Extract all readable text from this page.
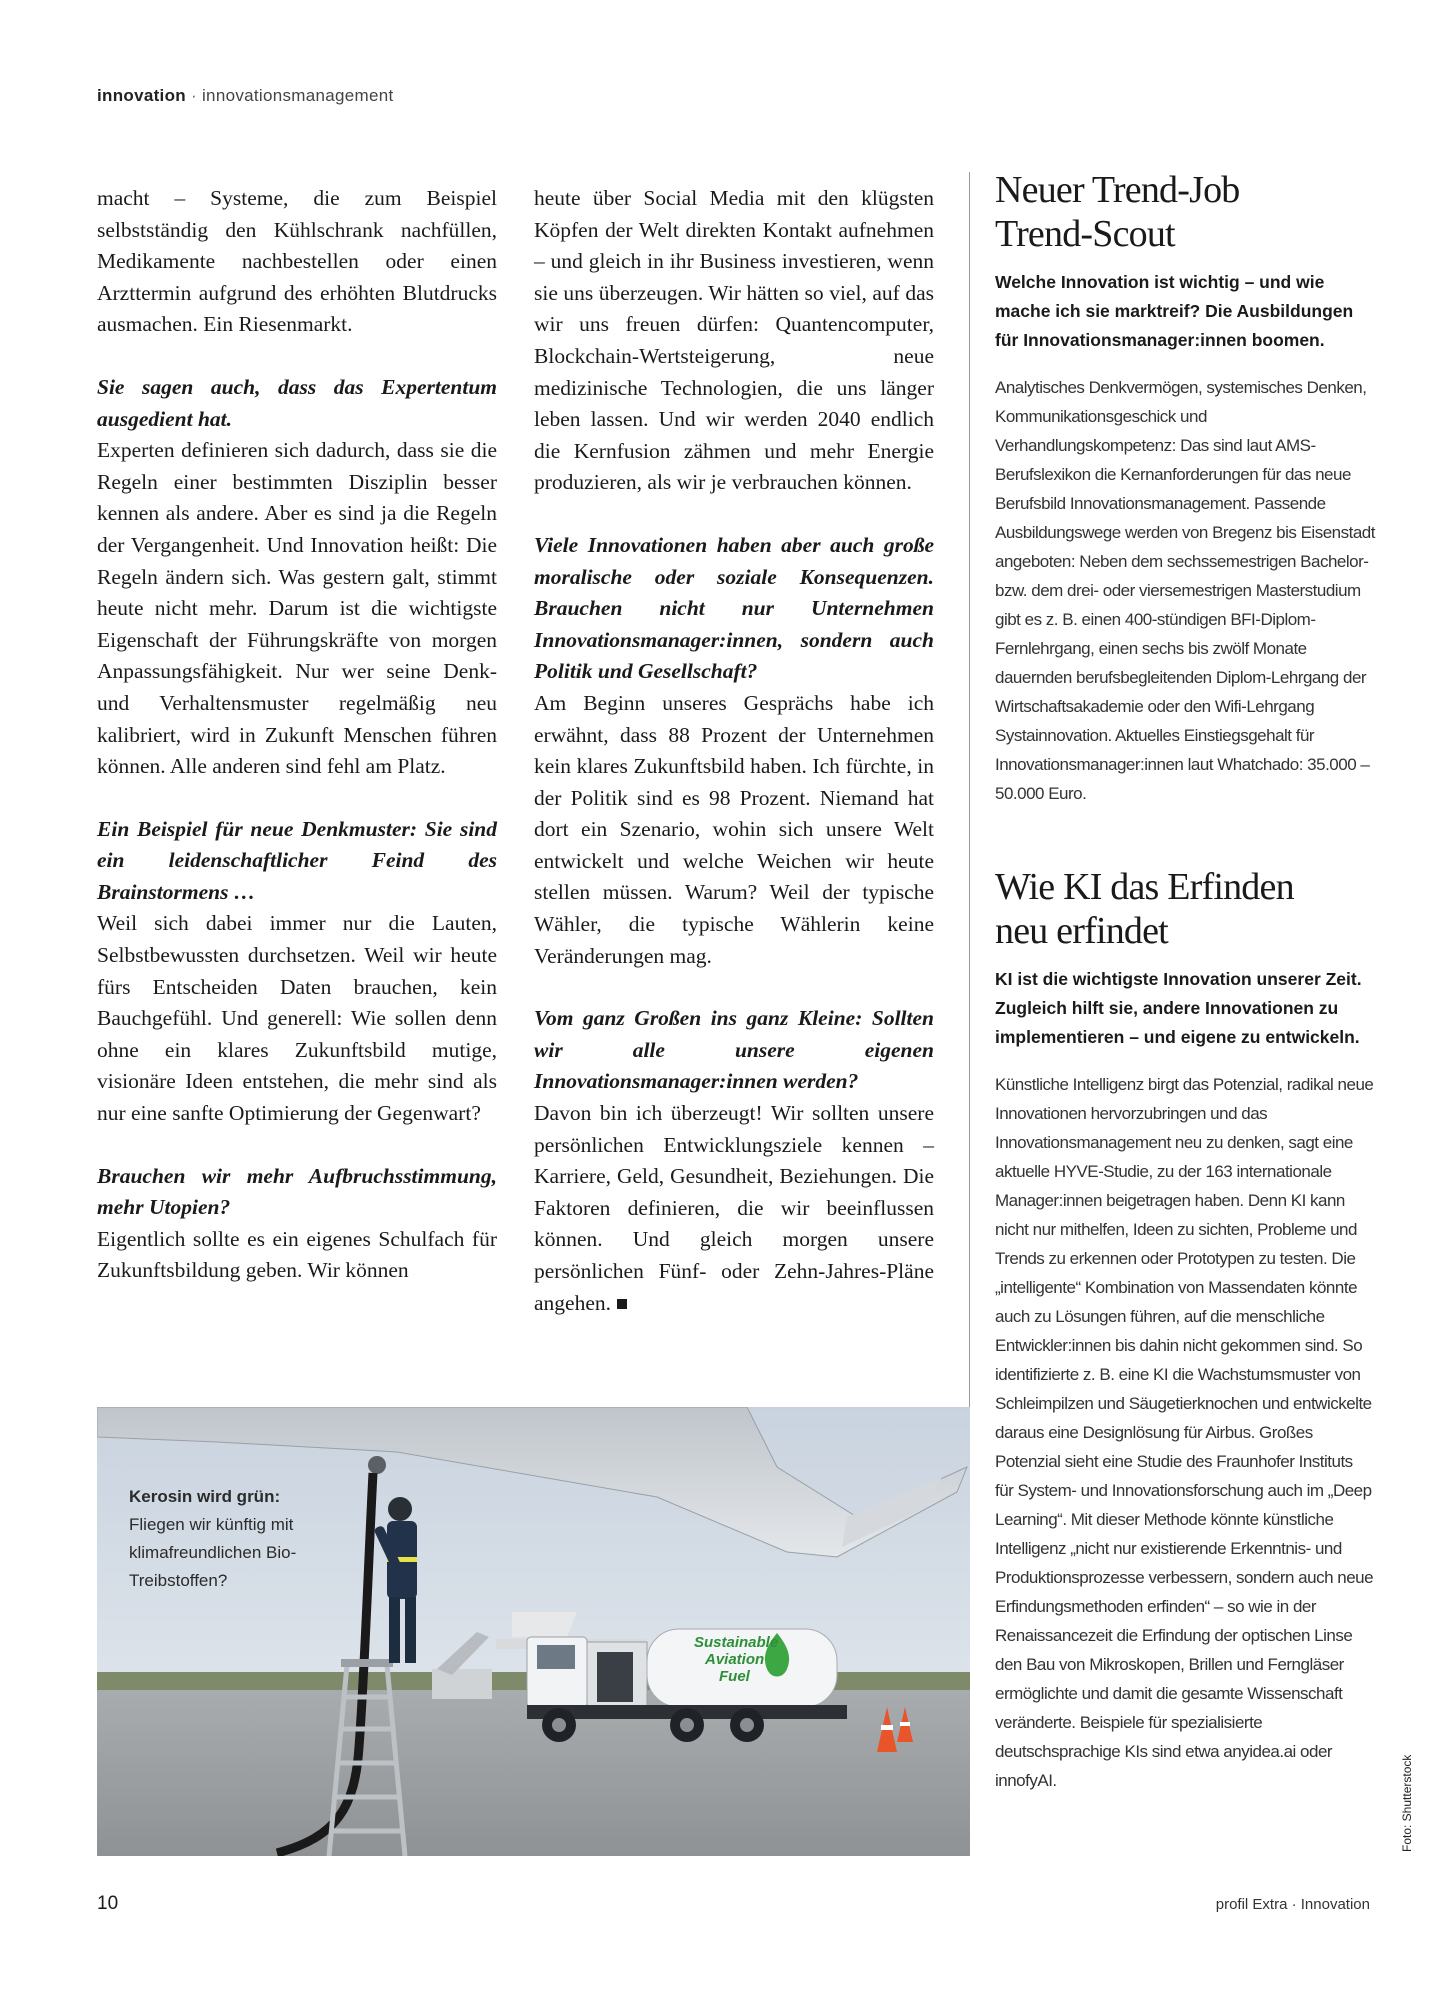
innovation · innovationsmanagement

macht – Systeme, die zum Beispiel selbstständig den Kühlschrank nachfüllen, Medikamente nachbestellen oder einen Arzttermin aufgrund des erhöhten Blutdrucks ausmachen. Ein Riesenmarkt.

Sie sagen auch, dass das Expertentum ausgedient hat.

Experten definieren sich dadurch, dass sie die Regeln einer bestimmten Disziplin besser kennen als andere. Aber es sind ja die Regeln der Vergangenheit. Und Innovation heißt: Die Regeln ändern sich. Was gestern galt, stimmt heute nicht mehr. Darum ist die wichtigste Eigenschaft der Führungskräfte von morgen Anpassungsfähigkeit. Nur wer seine Denk- und Verhaltensmuster regelmäßig neu kalibriert, wird in Zukunft Menschen führen können. Alle anderen sind fehl am Platz.

Ein Beispiel für neue Denkmuster: Sie sind ein leidenschaftlicher Feind des Brainstormens …

Weil sich dabei immer nur die Lauten, Selbstbewussten durchsetzen. Weil wir heute fürs Entscheiden Daten brauchen, kein Bauchgefühl. Und generell: Wie sollen denn ohne ein klares Zukunftsbild mutige, visionäre Ideen entstehen, die mehr sind als nur eine sanfte Optimierung der Gegenwart?

Brauchen wir mehr Aufbruchsstimmung, mehr Utopien?

Eigentlich sollte es ein eigenes Schulfach für Zukunftsbildung geben. Wir können

heute über Social Media mit den klügsten Köpfen der Welt direkten Kontakt aufnehmen – und gleich in ihr Business investieren, wenn sie uns überzeugen. Wir hätten so viel, auf das wir uns freuen dürfen: Quantencomputer, Blockchain-Wertsteigerung, neue medizinische Technologien, die uns länger leben lassen. Und wir werden 2040 endlich die Kernfusion zähmen und mehr Energie produzieren, als wir je verbrauchen können.

Viele Innovationen haben aber auch große moralische oder soziale Konsequenzen. Brauchen nicht nur Unternehmen Innovationsmanager:innen, sondern auch Politik und Gesellschaft?

Am Beginn unseres Gesprächs habe ich erwähnt, dass 88 Prozent der Unternehmen kein klares Zukunftsbild haben. Ich fürchte, in der Politik sind es 98 Prozent. Niemand hat dort ein Szenario, wohin sich unsere Welt entwickelt und welche Weichen wir heute stellen müssen. Warum? Weil der typische Wähler, die typische Wählerin keine Veränderungen mag.

Vom ganz Großen ins ganz Kleine: Sollten wir alle unsere eigenen Innovationsmanager:innen werden?

Davon bin ich überzeugt! Wir sollten unsere persönlichen Entwicklungsziele kennen – Karriere, Geld, Gesundheit, Beziehungen. Die Faktoren definieren, die wir beeinflussen können. Und gleich morgen unsere persönlichen Fünf- oder Zehn-Jahres-Pläne angehen.

Neuer Trend-Job
Trend-Scout

Welche Innovation ist wichtig – und wie mache ich sie marktreif? Die Ausbildungen für Innovationsmanager:innen boomen.

Analytisches Denkvermögen, systemisches Denken, Kommunikationsgeschick und Verhandlungskompetenz: Das sind laut AMS-Berufslexikon die Kernanforderungen für das neue Berufsbild Innovationsmanagement. Passende Ausbildungswege werden von Bregenz bis Eisenstadt angeboten: Neben dem sechssemestrigen Bachelor- bzw. dem drei- oder viersemestrigen Masterstudium gibt es z. B. einen 400-stündigen BFI-Diplom-Fernlehrgang, einen sechs bis zwölf Monate dauernden berufsbegleitenden Diplom-Lehrgang der Wirtschaftsakademie oder den Wifi-Lehrgang Systainnovation. Aktuelles Einstiegsgehalt für Innovationsmanager:innen laut Whatchado: 35.000 – 50.000 Euro.

Wie KI das Erfinden
neu erfindet

KI ist die wichtigste Innovation unserer Zeit. Zugleich hilft sie, andere Innovationen zu implementieren – und eigene zu entwickeln.

Künstliche Intelligenz birgt das Potenzial, radikal neue Innovationen hervorzubringen und das Innovationsmanagement neu zu denken, sagt eine aktuelle HYVE-Studie, zu der 163 internationale Manager:innen beigetragen haben. Denn KI kann nicht nur mithelfen, Ideen zu sichten, Probleme und Trends zu erkennen oder Prototypen zu testen. Die „intelligente“ Kombination von Massendaten könnte auch zu Lösungen führen, auf die menschliche Entwickler:innen bis dahin nicht gekommen sind. So identifizierte z. B. eine KI die Wachstumsmuster von Schleimpilzen und Säugetierknochen und entwickelte daraus eine Designlösung für Airbus. Großes Potenzial sieht eine Studie des Fraunhofer Instituts für System- und Innovationsforschung auch im „Deep Learning“. Mit dieser Methode könnte künstliche Intelligenz „nicht nur existierende Erkenntnis- und Produktionsprozesse verbessern, sondern auch neue Erfindungsmethoden erfinden“ – so wie in der Renaissancezeit die Erfindung der optischen Linse den Bau von Mikroskopen, Brillen und Ferngläser ermöglichte und damit die gesamte Wissenschaft veränderte. Beispiele für spezialisierte deutschsprachige KIs sind etwa anyidea.ai oder innofyAI.

Sustainable
Aviation
Fuel
Kerosin wird grün:
Fliegen wir künftig mit klimafreundlichen Bio-Treibstoffen?
Foto: Shutterstock
10	profil Extra · Innovation
